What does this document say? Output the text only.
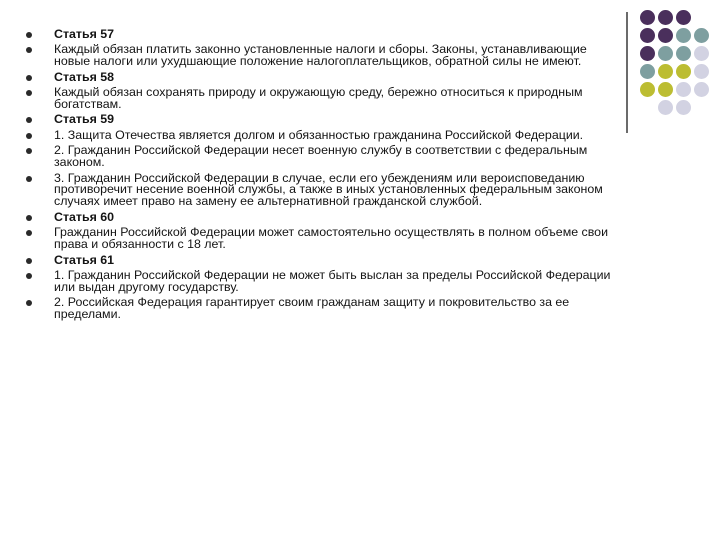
Статья 57
Каждый обязан платить законно установленные налоги и сборы. Законы, устанавливающие новые налоги или ухудшающие положение налогоплательщиков, обратной силы не имеют.
Статья 58
Каждый обязан сохранять природу и окружающую среду, бережно относиться к природным богатствам.
Статья 59
1. Защита Отечества является долгом и обязанностью гражданина Российской Федерации.
2. Гражданин Российской Федерации несет военную службу в соответствии с федеральным законом.
3. Гражданин Российской Федерации в случае, если его убеждениям или вероисповеданию противоречит несение военной службы, а также в иных установленных федеральным законом случаях имеет право на замену ее альтернативной гражданской службой.
Статья 60
Гражданин Российской Федерации может самостоятельно осуществлять в полном объеме свои права и обязанности с 18 лет.
Статья 61
1. Гражданин Российской Федерации не может быть выслан за пределы Российской Федерации или выдан другому государству.
2. Российская Федерация гарантирует своим гражданам защиту и покровительство за ее пределами.
